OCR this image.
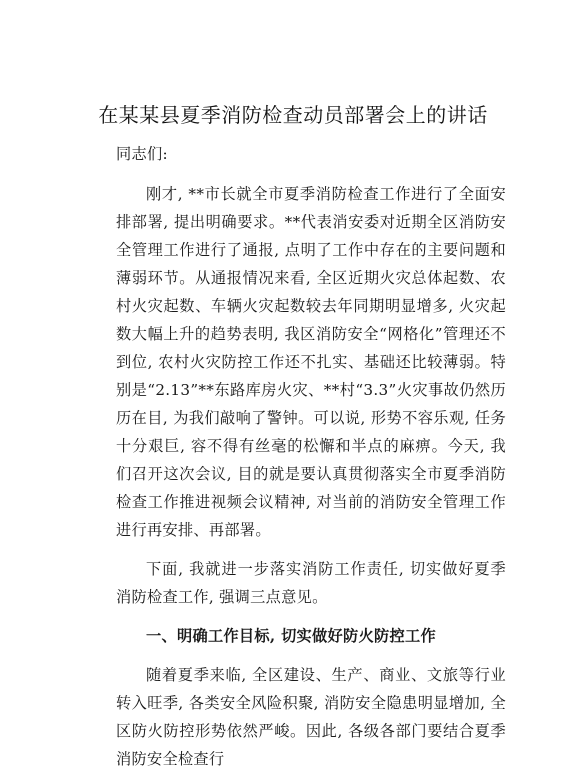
在某某县夏季消防检查动员部署会上的讲话

同志们:

刚才, **市长就全市夏季消防检查工作进行了全面安排部署, 提出明确要求。**代表消安委对近期全区消防安全管理工作进行了通报, 点明了工作中存在的主要问题和薄弱环节。从通报情况来看, 全区近期火灾总体起数、农村火灾起数、车辆火灾起数较去年同期明显增多, 火灾起数大幅上升的趋势表明, 我区消防安全“网格化”管理还不到位, 农村火灾防控工作还不扎实、基础还比较薄弱。特别是“2.13”**东路库房火灾、**村“3.3”火灾事故仍然历历在目, 为我们敲响了警钟。可以说, 形势不容乐观, 任务十分艰巨, 容不得有丝毫的松懈和半点的麻痹。今天, 我们召开这次会议, 目的就是要认真贯彻落实全市夏季消防检查工作推进视频会议精神, 对当前的消防安全管理工作进行再安排、再部署。

下面, 我就进一步落实消防工作责任, 切实做好夏季消防检查工作, 强调三点意见。

一、明确工作目标, 切实做好防火防控工作

随着夏季来临, 全区建设、生产、商业、文旅等行业转入旺季, 各类安全风险积聚, 消防安全隐患明显增加, 全区防火防控形势依然严峻。因此, 各级各部门要结合夏季消防安全检查行
